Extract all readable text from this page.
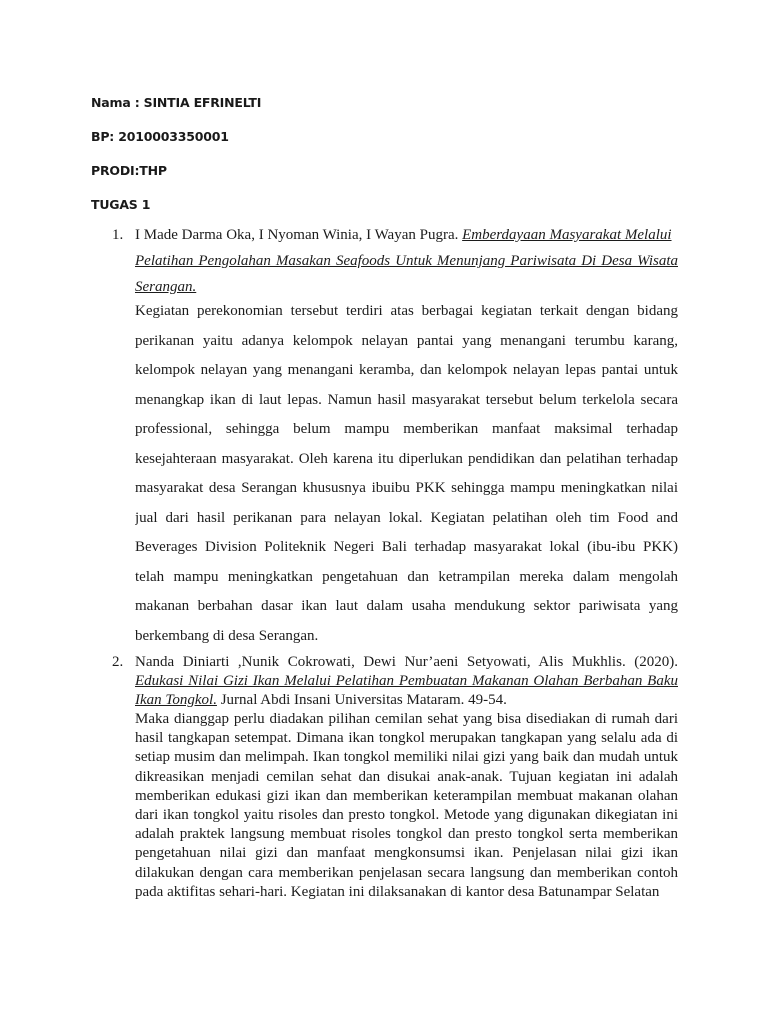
Nama : SINTIA EFRINELTI
BP: 2010003350001
PRODI:THP
TUGAS 1
1. I Made Darma Oka, I Nyoman Winia, I Wayan Pugra. Emberdayaan Masyarakat Melalui
Pelatihan Pengolahan Masakan Seafoods Untuk Menunjang Pariwisata Di Desa Wisata
Serangan.
Kegiatan perekonomian tersebut terdiri atas berbagai kegiatan terkait dengan bidang
perikanan yaitu adanya kelompok nelayan pantai yang menangani terumbu karang,
kelompok nelayan yang menangani keramba, dan kelompok nelayan lepas pantai untuk
menangkap ikan di laut lepas. Namun hasil masyarakat tersebut belum terkelola secara
professional, sehingga belum mampu memberikan manfaat maksimal terhadap
kesejahteraan masyarakat. Oleh karena itu diperlukan pendidikan dan pelatihan terhadap
masyarakat desa Serangan khususnya ibuibu PKK sehingga mampu meningkatkan nilai
jual dari hasil perikanan para nelayan lokal. Kegiatan pelatihan oleh tim Food and
Beverages Division Politeknik Negeri Bali terhadap masyarakat lokal (ibu-ibu PKK)
telah mampu meningkatkan pengetahuan dan ketrampilan mereka dalam mengolah
makanan berbahan dasar ikan laut dalam usaha mendukung sektor pariwisata yang
berkembang di desa Serangan.
2. Nanda Diniarti ,Nunik Cokrowati, Dewi Nur’aeni Setyowati, Alis Mukhlis. (2020).
Edukasi Nilai Gizi Ikan Melalui Pelatihan Pembuatan Makanan Olahan Berbahan Baku
Ikan Tongkol. Jurnal Abdi Insani Universitas Mataram. 49-54.
Maka dianggap perlu diadakan pilihan cemilan sehat yang bisa disediakan di rumah dari
hasil tangkapan setempat. Dimana ikan tongkol merupakan tangkapan yang selalu ada di
setiap musim dan melimpah. Ikan tongkol memiliki nilai gizi yang baik dan mudah untuk
dikreasikan menjadi cemilan sehat dan disukai anak-anak. Tujuan kegiatan ini adalah
memberikan edukasi gizi ikan dan memberikan keterampilan membuat makanan olahan
dari ikan tongkol yaitu risoles dan presto tongkol. Metode yang digunakan dikegiatan ini
adalah praktek langsung membuat risoles tongkol dan presto tongkol serta memberikan
pengetahuan nilai gizi dan manfaat mengkonsumsi ikan. Penjelasan nilai gizi ikan
dilakukan dengan cara memberikan penjelasan secara langsung dan memberikan contoh
pada aktifitas sehari-hari. Kegiatan ini dilaksanakan di kantor desa Batunampar Selatan
